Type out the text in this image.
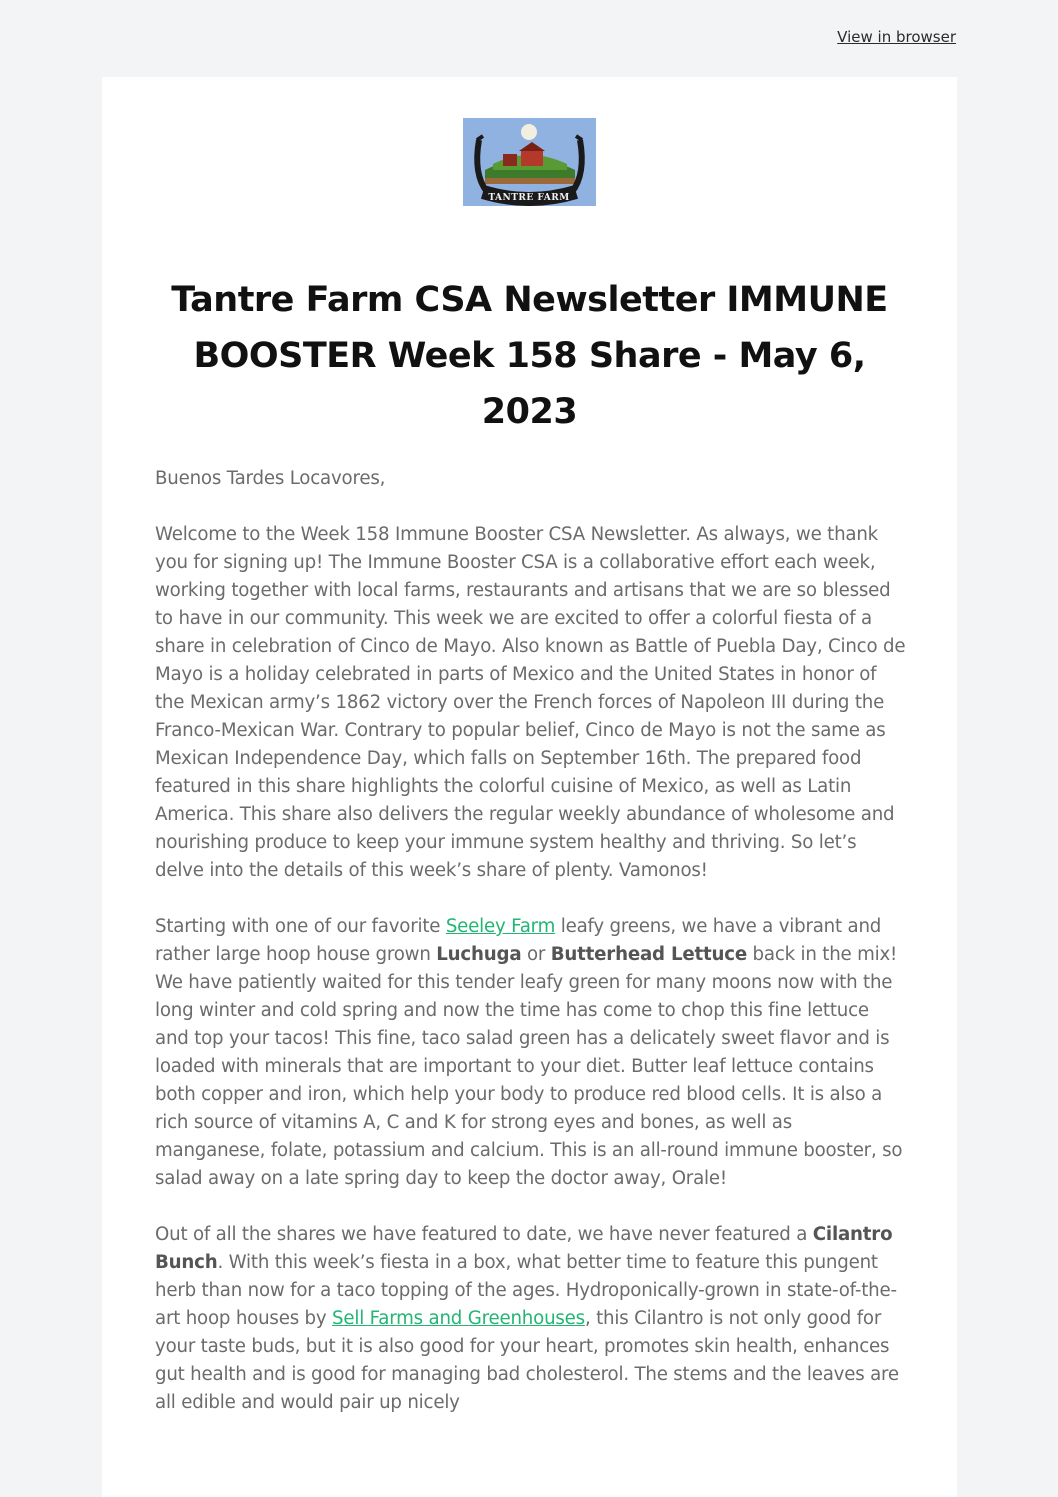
View in browser
TANTRE FARM
Tantre Farm CSA Newsletter IMMUNE BOOSTER Week 158 Share - May 6, 2023

Buenos Tardes Locavores,

Welcome to the Week 158 Immune Booster CSA Newsletter. As always, we thank you for signing up! The Immune Booster CSA is a collaborative effort each week, working together with local farms, restaurants and artisans that we are so blessed to have in our community. This week we are excited to offer a colorful fiesta of a share in celebration of Cinco de Mayo. Also known as Battle of Puebla Day, Cinco de Mayo is a holiday celebrated in parts of Mexico and the United States in honor of the Mexican army’s 1862 victory over the French forces of Napoleon III during the Franco-Mexican War. Contrary to popular belief, Cinco de Mayo is not the same as Mexican Independence Day, which falls on September 16th. The prepared food featured in this share highlights the colorful cuisine of Mexico, as well as Latin America. This share also delivers the regular weekly abundance of wholesome and nourishing produce to keep your immune system healthy and thriving. So let’s delve into the details of this week’s share of plenty. Vamonos!

Starting with one of our favorite Seeley Farm leafy greens, we have a vibrant and rather large hoop house grown Luchuga or Butterhead Lettuce back in the mix! We have patiently waited for this tender leafy green for many moons now with the long winter and cold spring and now the time has come to chop this fine lettuce and top your tacos! This fine, taco salad green has a delicately sweet flavor and is loaded with minerals that are important to your diet. Butter leaf lettuce contains both copper and iron, which help your body to produce red blood cells. It is also a rich source of vitamins A, C and K for strong eyes and bones, as well as manganese, folate, potassium and calcium. This is an all-round immune booster, so salad away on a late spring day to keep the doctor away, Orale!

Out of all the shares we have featured to date, we have never featured a Cilantro Bunch. With this week’s fiesta in a box, what better time to feature this pungent herb than now for a taco topping of the ages. Hydroponically-grown in state-of-the-art hoop houses by Sell Farms and Greenhouses, this Cilantro is not only good for your taste buds, but it is also good for your heart, promotes skin health, enhances gut health and is good for managing bad cholesterol. The stems and the leaves are all edible and would pair up nicely
